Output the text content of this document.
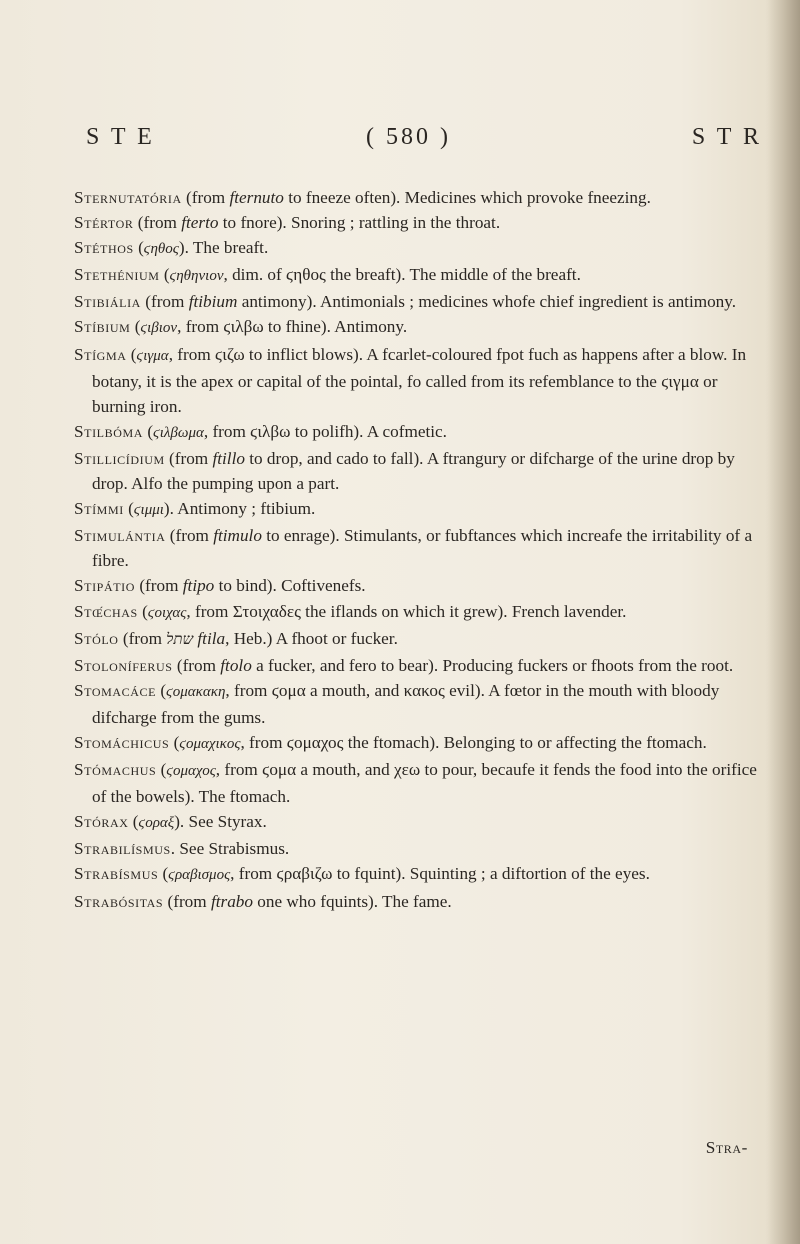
S T E	( 580 )	S T R

Sternutatória (from fternuto to fneeze often). Medicines which provoke fneezing.

Stértor (from fterto to fnore). Snoring ; rattling in the throat.

Stéthos (ϛηθος). The breaft.

Stethénium (ϛηθηνιον, dim. of ϛηθος the breaft). The middle of the breaft.

Stibiália (from ftibium antimony). Antimonials ; medicines whofe chief ingredient is antimony.

Stíbium (ϛιβιον, from ϛιλβω to fhine). Antimony.

Stígma (ϛιγμα, from ϛιζω to inflict blows). A fcarlet-coloured fpot fuch as happens after a blow. In botany, it is the apex or capital of the pointal, fo called from its refemblance to the ϛιγμα or burning iron.

Stilbóma (ϛιλβωμα, from ϛιλβω to polifh). A cofmetic.

Stillicídium (from ftillo to drop, and cado to fall). A ftrangury or difcharge of the urine drop by drop. Alfo the pumping upon a part.

Stímmi (ϛιμμι). Antimony ; ftibium.

Stimulántia (from ftimulo to enrage). Stimulants, or fubftances which increafe the irritability of a fibre.

Stipátio (from ftipo to bind). Coftivenefs.

Stœ́chas (ϛοιχας, from Στοιχαδες the iflands on which it grew). French lavender.

Stólo (from שתל ftila, Heb.) A fhoot or fucker.

Stoloníferus (from ftolo a fucker, and fero to bear). Producing fuckers or fhoots from the root.

Stomacáce (ϛομακακη, from ϛομα a mouth, and κακος evil). A fœtor in the mouth with bloody difcharge from the gums.

Stomáchicus (ϛομαχικος, from ϛομαχος the ftomach). Belonging to or affecting the ftomach.

Stómachus (ϛομαχος, from ϛομα a mouth, and χεω to pour, becaufe it fends the food into the orifice of the bowels). The ftomach.

Stórax (ϛοραξ). See Styrax.

Strabilísmus. See Strabismus.

Strabísmus (ϛραβισμος, from ϛραβιζω to fquint). Squinting ; a diftortion of the eyes.

Strabósitas (from ftrabo one who fquints). The fame.

Stra-
